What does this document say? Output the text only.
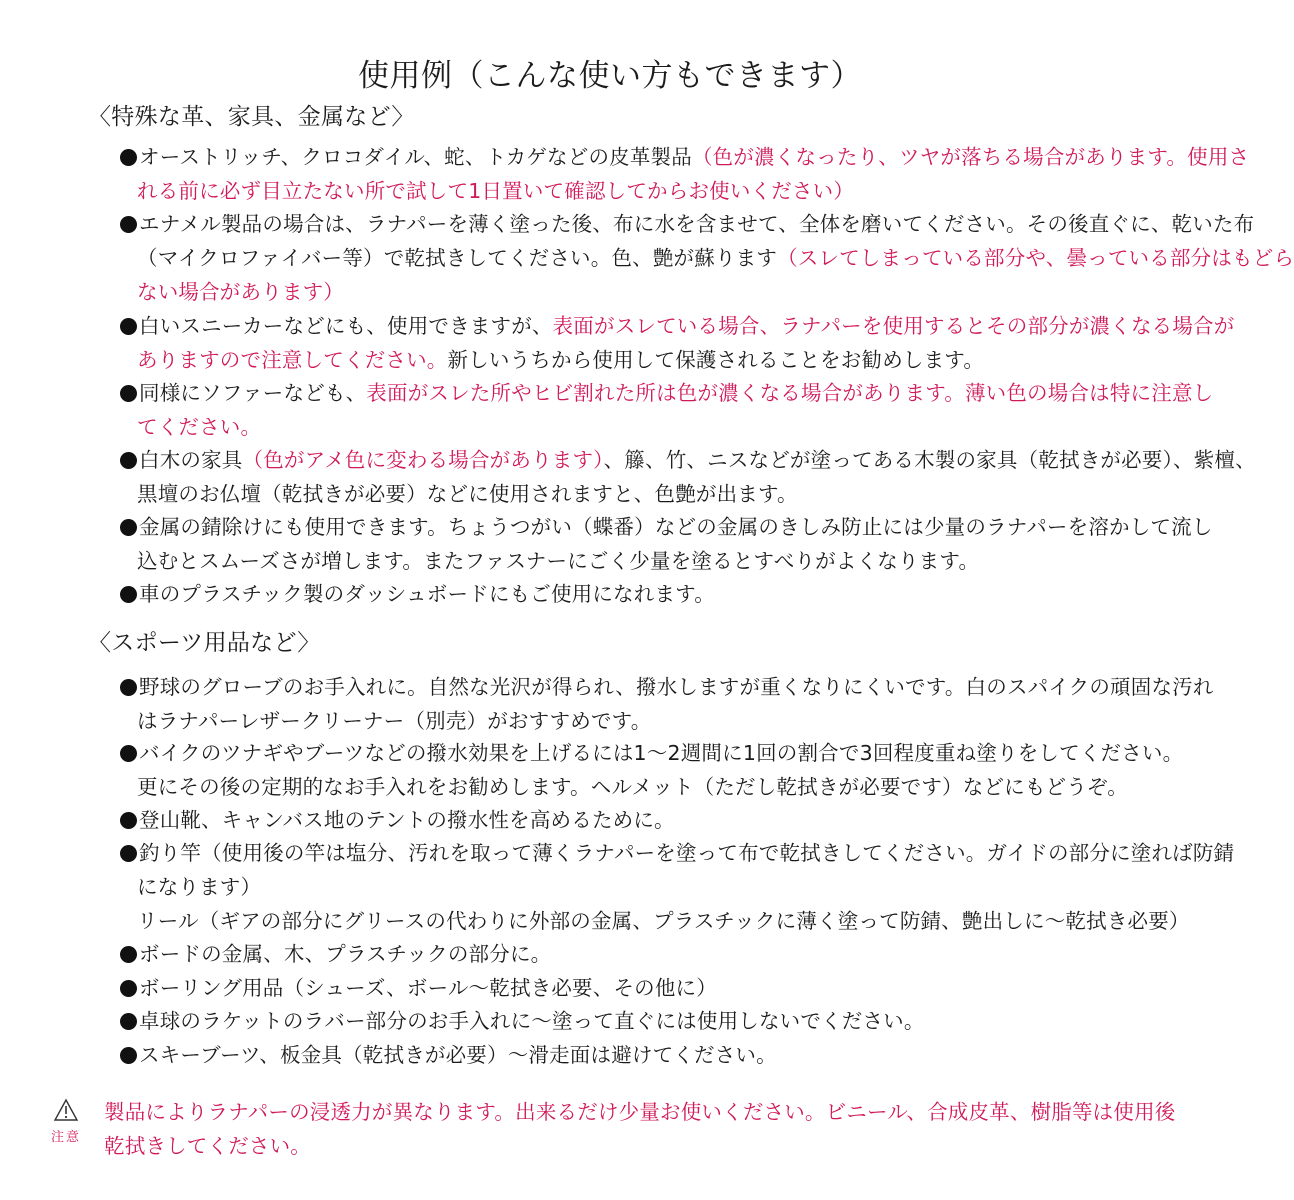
使用例（こんな使い方もできます）
〈特殊な革、家具、金属など〉
オーストリッチ、クロコダイル、蛇、トカゲなどの皮革製品（色が濃くなったり、ツヤが落ちる場合があります。使用さ
れる前に必ず目立たない所で試して1日置いて確認してからお使いください）
エナメル製品の場合は、ラナパーを薄く塗った後、布に水を含ませて、全体を磨いてください。その後直ぐに、乾いた布
（マイクロファイバー等）で乾拭きしてください。色、艶が蘇ります（スレてしまっている部分や、曇っている部分はもどら
ない場合があります）
白いスニーカーなどにも、使用できますが、表面がスレている場合、ラナパーを使用するとその部分が濃くなる場合が
ありますので注意してください。新しいうちから使用して保護されることをお勧めします。
同様にソファーなども、表面がスレた所やヒビ割れた所は色が濃くなる場合があります。薄い色の場合は特に注意し
てください。
白木の家具（色がアメ色に変わる場合があります）、籐、竹、ニスなどが塗ってある木製の家具（乾拭きが必要）、紫檀、
黒壇のお仏壇（乾拭きが必要）などに使用されますと、色艶が出ます。
金属の錆除けにも使用できます。ちょうつがい（蝶番）などの金属のきしみ防止には少量のラナパーを溶かして流し
込むとスムーズさが増します。またファスナーにごく少量を塗るとすべりがよくなります。
車のプラスチック製のダッシュボードにもご使用になれます。
〈スポーツ用品など〉
野球のグローブのお手入れに。自然な光沢が得られ、撥水しますが重くなりにくいです。白のスパイクの頑固な汚れ
はラナパーレザークリーナー（別売）がおすすめです。
バイクのツナギやブーツなどの撥水効果を上げるには1～2週間に1回の割合で3回程度重ね塗りをしてください。
更にその後の定期的なお手入れをお勧めします。ヘルメット（ただし乾拭きが必要です）などにもどうぞ。
登山靴、キャンバス地のテントの撥水性を高めるために。
釣り竿（使用後の竿は塩分、汚れを取って薄くラナパーを塗って布で乾拭きしてください。ガイドの部分に塗れば防錆
になります）
リール（ギアの部分にグリースの代わりに外部の金属、プラスチックに薄く塗って防錆、艶出しに～乾拭き必要）
ボードの金属、木、プラスチックの部分に。
ボーリング用品（シューズ、ボール～乾拭き必要、その他に）
卓球のラケットのラバー部分のお手入れに～塗って直ぐには使用しないでください。
スキーブーツ、板金具（乾拭きが必要）～滑走面は避けてください。
注意
製品によりラナパーの浸透力が異なります。出来るだけ少量お使いください。ビニール、合成皮革、樹脂等は使用後
乾拭きしてください。
